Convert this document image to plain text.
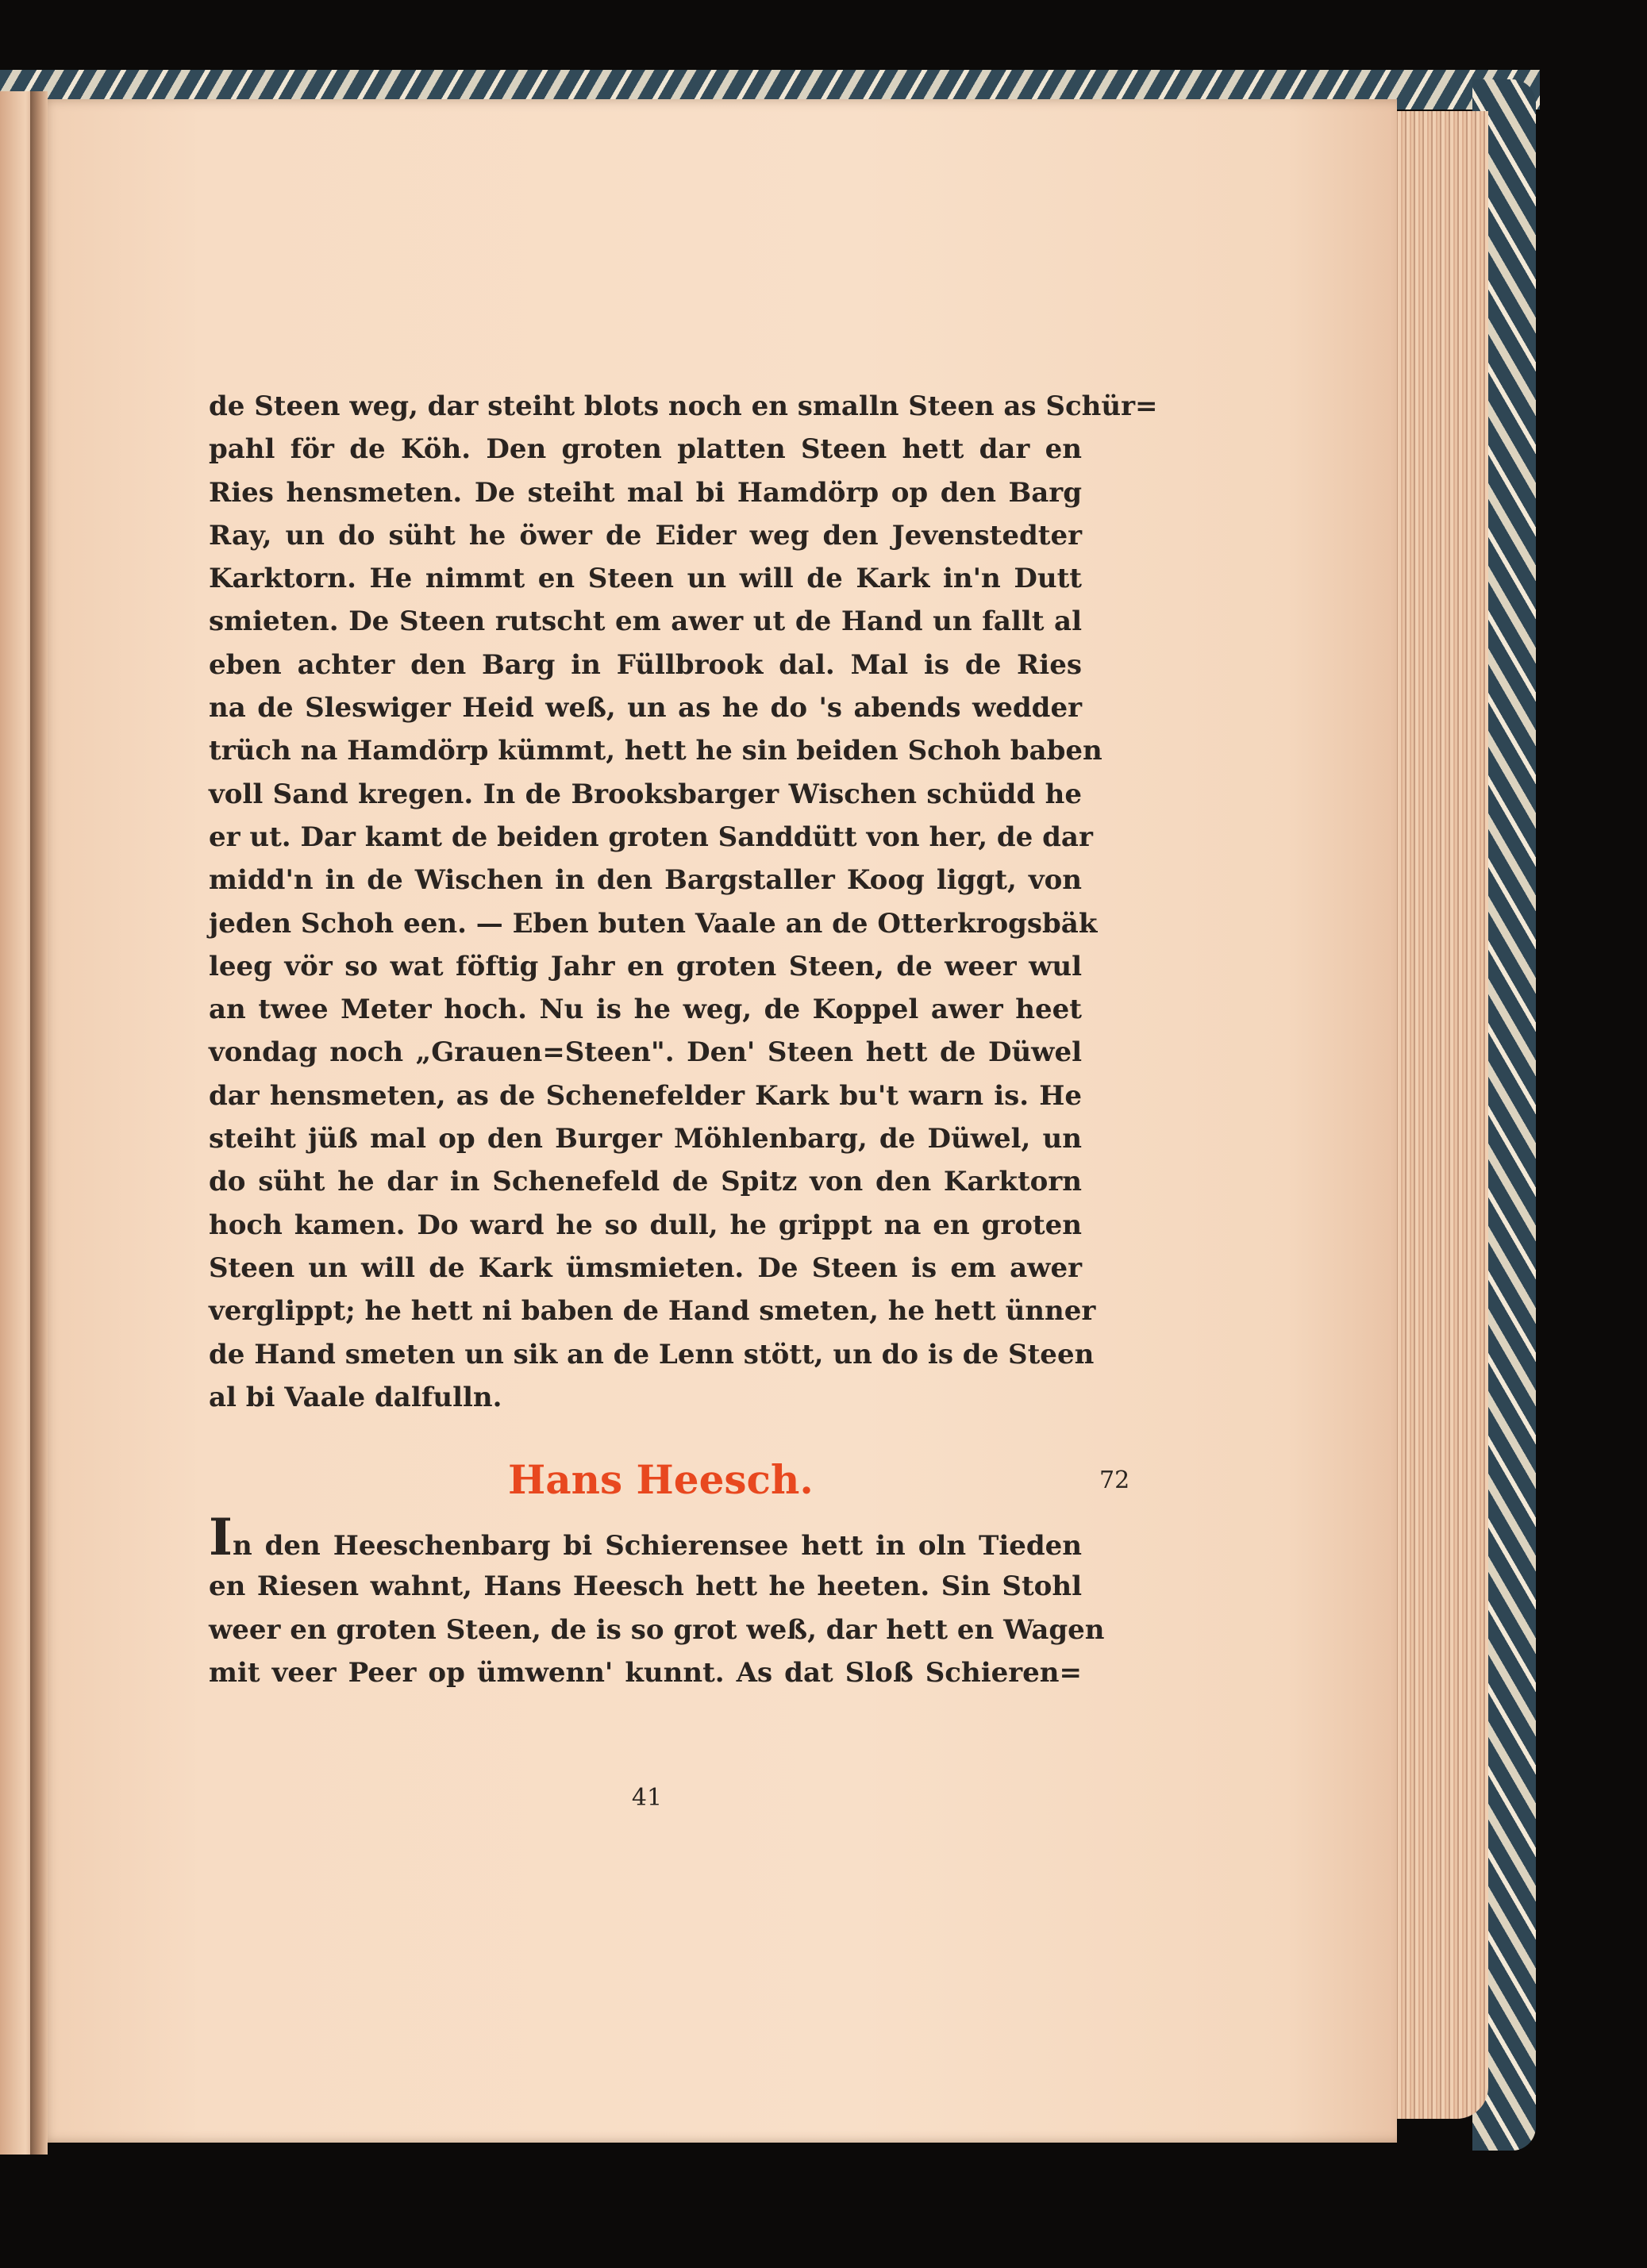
de Steen weg, dar steiht blots noch en smalln Steen as Schür=
pahl för de Köh. Den groten platten Steen hett dar en
Ries hensmeten. De steiht mal bi Hamdörp op den Barg
Ray, un do süht he öwer de Eider weg den Jevenstedter
Karktorn. He nimmt en Steen un will de Kark in'n Dutt
smieten. De Steen rutscht em awer ut de Hand un fallt al
eben achter den Barg in Füllbrook dal. Mal is de Ries
na de Sleswiger Heid weß, un as he do 's abends wedder
trüch na Hamdörp kümmt, hett he sin beiden Schoh baben
voll Sand kregen. In de Brooksbarger Wischen schüdd he
er ut. Dar kamt de beiden groten Sanddütt von her, de dar
midd'n in de Wischen in den Bargstaller Koog liggt, von
jeden Schoh een. — Eben buten Vaale an de Otterkrogsbäk
leeg vör so wat föftig Jahr en groten Steen, de weer wul
an twee Meter hoch. Nu is he weg, de Koppel awer heet
vondag noch „Grauen=Steen". Den' Steen hett de Düwel
dar hensmeten, as de Schenefelder Kark bu't warn is. He
steiht jüß mal op den Burger Möhlenbarg, de Düwel, un
do süht he dar in Schenefeld de Spitz von den Karktorn
hoch kamen. Do ward he so dull, he grippt na en groten
Steen un will de Kark ümsmieten. De Steen is em awer
verglippt; he hett ni baben de Hand smeten, he hett ünner
de Hand smeten un sik an de Lenn stött, un do is de Steen
al bi Vaale dalfulln.
Hans Heesch.	72
In den Heeschenbarg bi Schierensee hett in oln Tieden
en Riesen wahnt, Hans Heesch hett he heeten. Sin Stohl
weer en groten Steen, de is so grot weß, dar hett en Wagen
mit veer Peer op ümwenn' kunnt. As dat Sloß Schieren=
41
